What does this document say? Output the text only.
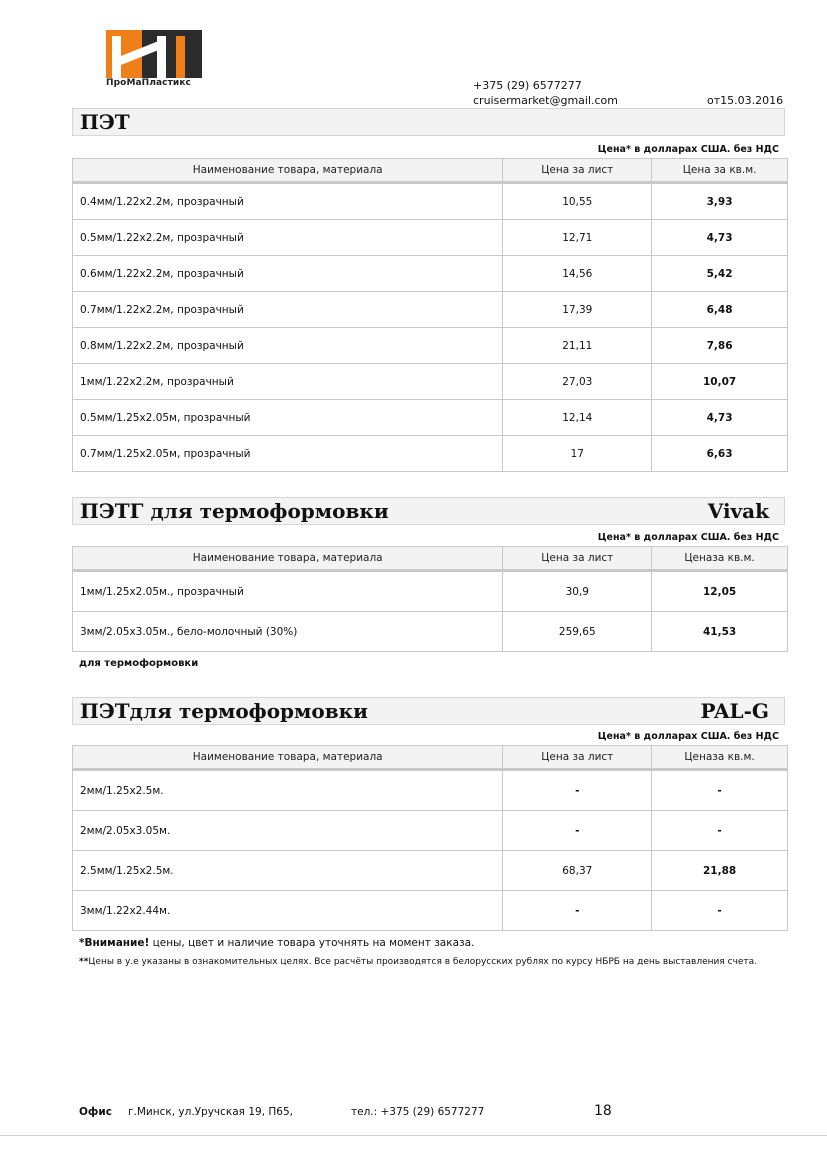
ПроМаПластикс	+375 (29) 6577277
cruisermarket@gmail.com	от15.03.2016
ПЭТ
Цена* в долларах США. без НДС
Наименование товара, материала	Цена за лист	Цена за кв.м.
0.4мм/1.22х2.2м, прозрачный	10,55	3,93
0.5мм/1.22х2.2м, прозрачный	12,71	4,73
0.6мм/1.22х2.2м, прозрачный	14,56	5,42
0.7мм/1.22х2.2м, прозрачный	17,39	6,48
0.8мм/1.22х2.2м, прозрачный	21,11	7,86
1мм/1.22х2.2м, прозрачный	27,03	10,07
0.5мм/1.25х2.05м, прозрачный	12,14	4,73
0.7мм/1.25х2.05м, прозрачный	17	6,63
ПЭТГ для термоформовки	Vivak
Цена* в долларах США. без НДС
Наименование товара, материала	Цена за лист	Ценаза кв.м.
1мм/1.25х2.05м., прозрачный	30,9	12,05
3мм/2.05х3.05м., бело-молочный (30%)	259,65	41,53
для термоформовки
ПЭТдля термоформовки	PAL-G
Цена* в долларах США. без НДС
Наименование товара, материала	Цена за лист	Ценаза кв.м.
2мм/1.25х2.5м.	-	-
2мм/2.05х3.05м.	-	-
2.5мм/1.25х2.5м.	68,37	21,88
3мм/1.22х2.44м.	-	-
*Внимание! цены, цвет и наличие товара уточнять на момент заказа.
**Цены в у.е указаны в ознакомительных целях. Все расчёты производятся в белорусских рублях по курсу НБРБ на день выставления счета.
Офис г.Минск, ул.Уручская 19, П65,	тел.: +375 (29) 6577277	18
